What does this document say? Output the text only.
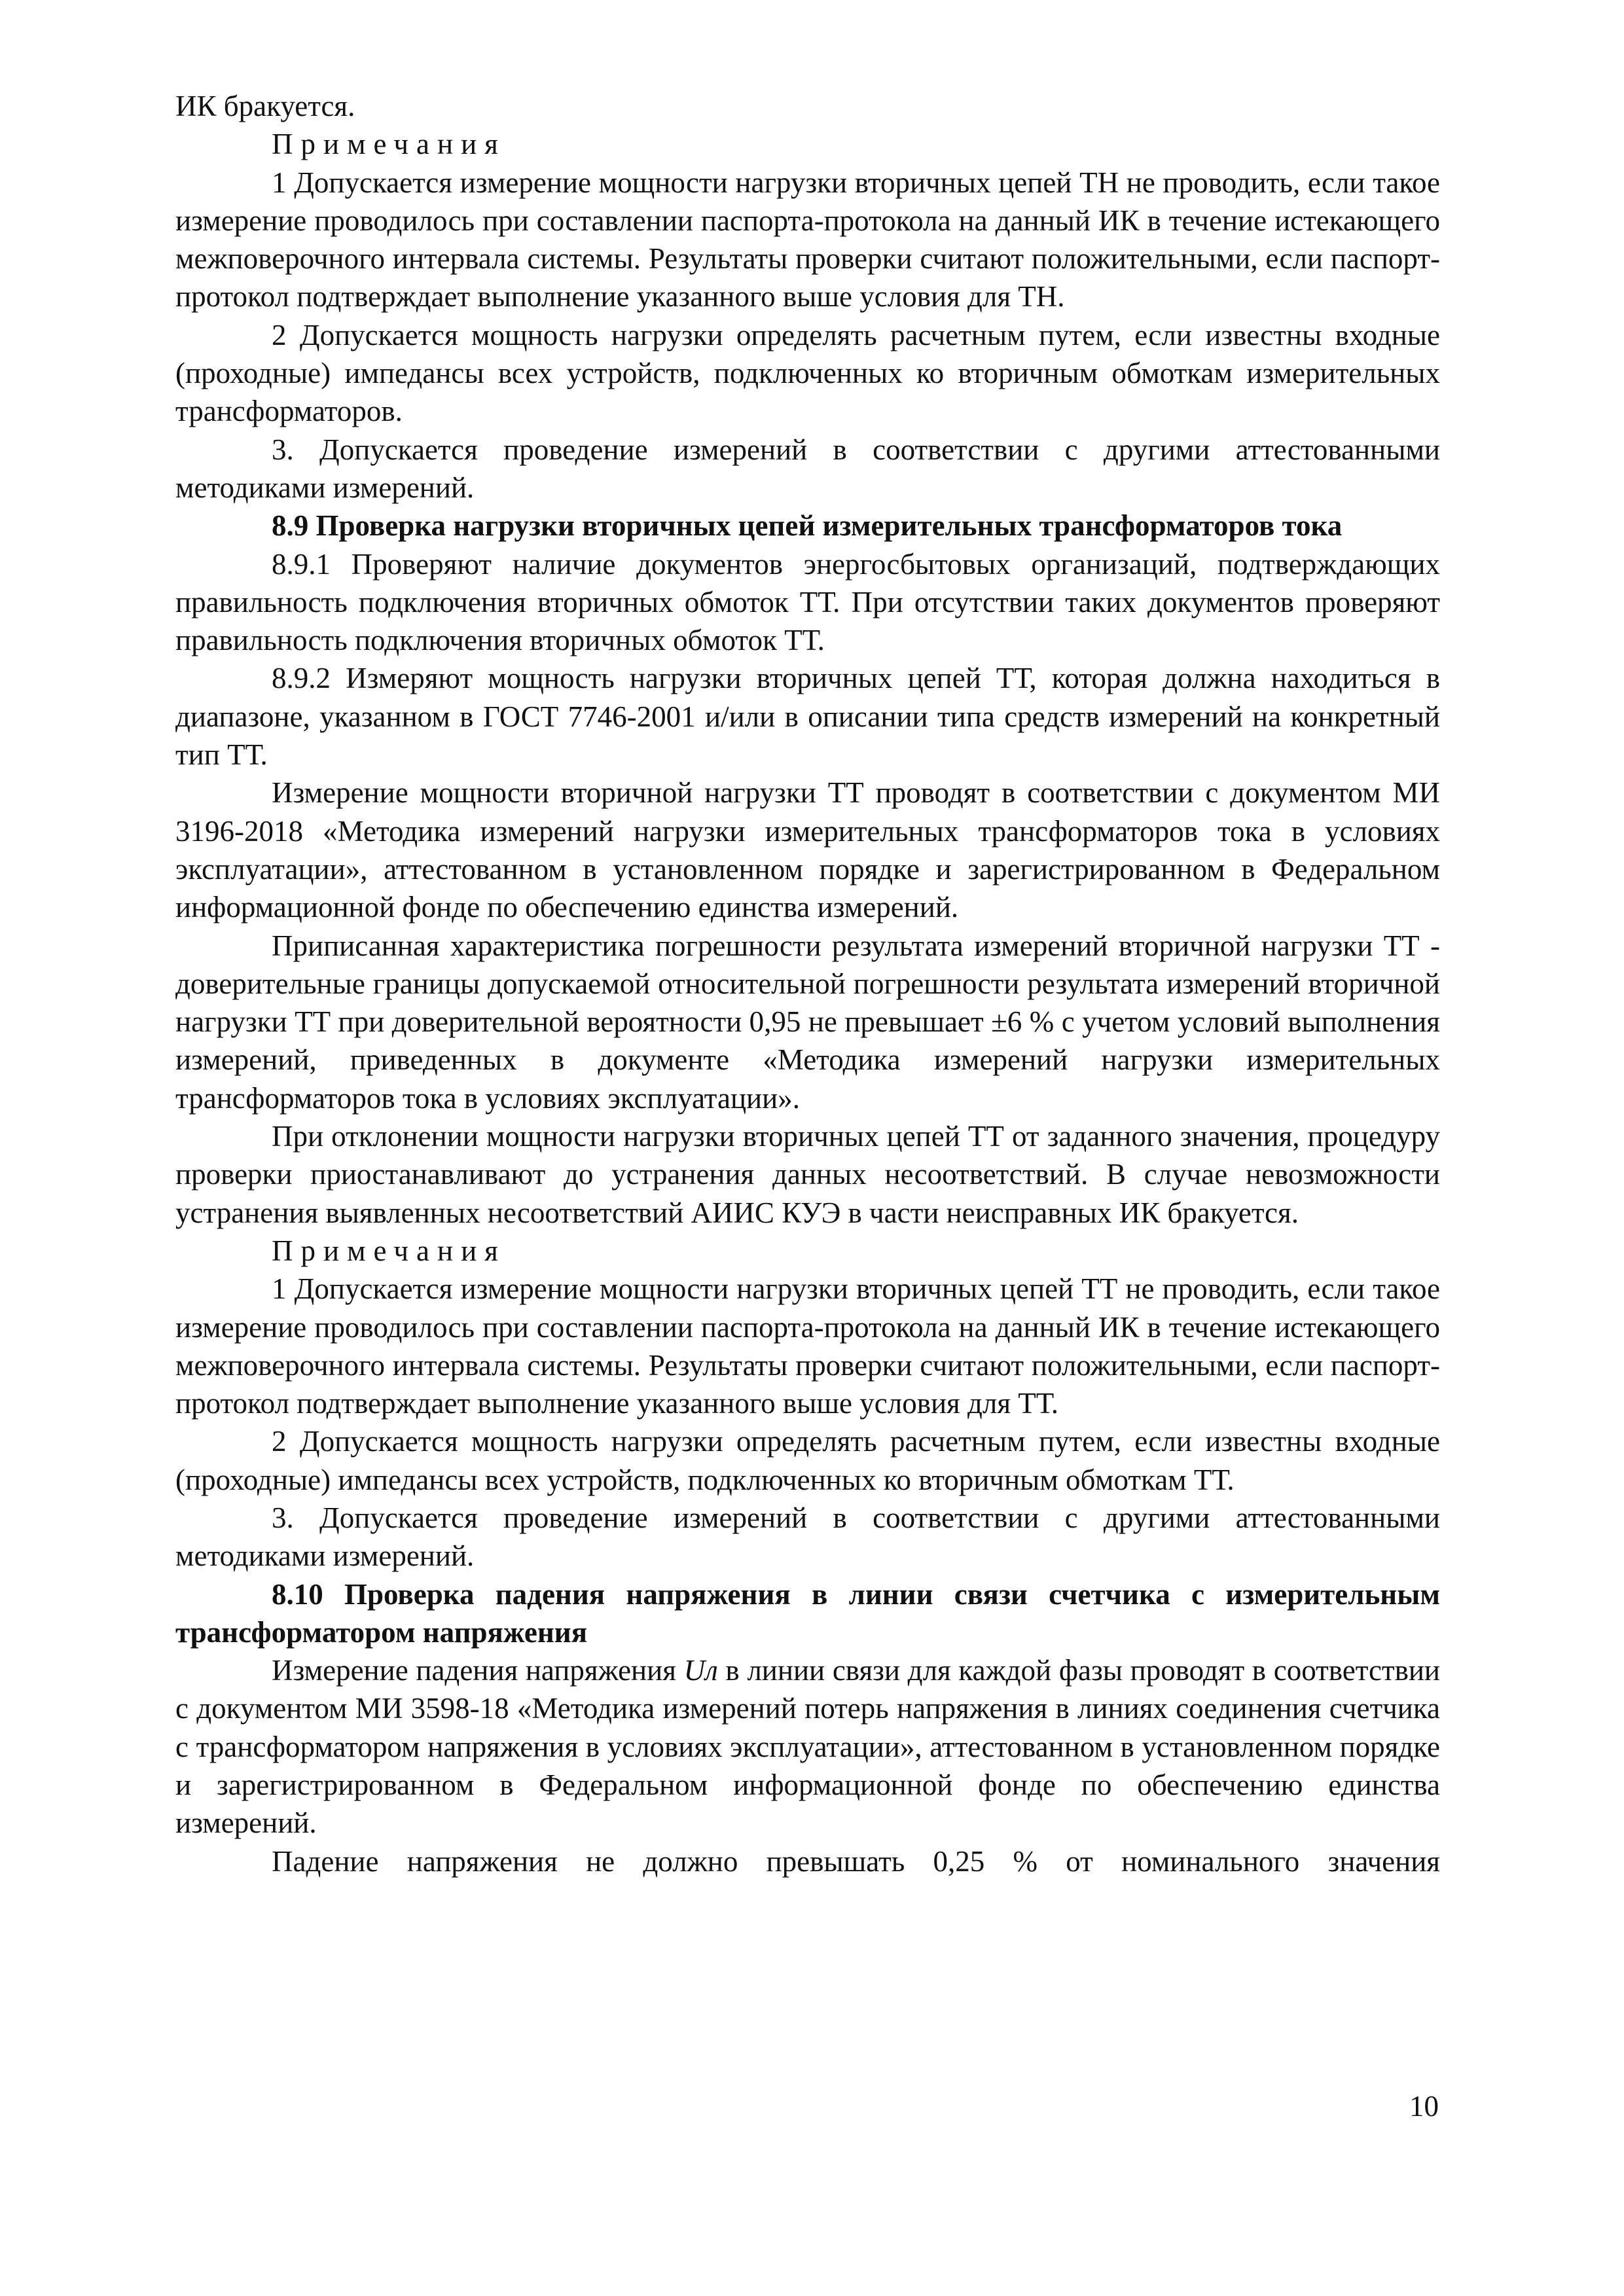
ИК бракуется.

Примечания

1 Допускается измерение мощности нагрузки вторичных цепей ТН не проводить, если такое измерение проводилось при составлении паспорта-протокола на данный ИК в течение истекающего межповерочного интервала системы. Результаты проверки считают положительными, если паспорт-протокол подтверждает выполнение указанного выше условия для ТН.

2 Допускается мощность нагрузки определять расчетным путем, если известны входные (проходные) импедансы всех устройств, подключенных ко вторичным обмоткам измерительных трансформаторов.

3. Допускается проведение измерений в соответствии с другими аттестованными методиками измерений.

8.9 Проверка нагрузки вторичных цепей измерительных трансформаторов тока

8.9.1 Проверяют наличие документов энергосбытовых организаций, подтверждающих правильность подключения вторичных обмоток ТТ. При отсутствии таких документов проверяют правильность подключения вторичных обмоток ТТ.

8.9.2 Измеряют мощность нагрузки вторичных цепей ТТ, которая должна находиться в диапазоне, указанном в ГОСТ 7746-2001 и/или в описании типа средств измерений на конкретный тип ТТ.

Измерение мощности вторичной нагрузки ТТ проводят в соответствии с документом МИ 3196-2018 «Методика измерений нагрузки измерительных трансформаторов тока в условиях эксплуатации», аттестованном в установленном порядке и зарегистрированном в Федеральном информационной фонде по обеспечению единства измерений.

Приписанная характеристика погрешности результата измерений вторичной нагрузки ТТ - доверительные границы допускаемой относительной погрешности результата измерений вторичной нагрузки ТТ при доверительной вероятности 0,95 не превышает ±6 % с учетом условий выполнения измерений, приведенных в документе «Методика измерений нагрузки измерительных трансформаторов тока в условиях эксплуатации».

При отклонении мощности нагрузки вторичных цепей ТТ от заданного значения, процедуру проверки приостанавливают до устранения данных несоответствий. В случае невозможности устранения выявленных несоответствий АИИС КУЭ в части неисправных ИК бракуется.

Примечания

1 Допускается измерение мощности нагрузки вторичных цепей ТТ не проводить, если такое измерение проводилось при составлении паспорта-протокола на данный ИК в течение истекающего межповерочного интервала системы. Результаты проверки считают положительными, если паспорт-протокол подтверждает выполнение указанного выше условия для ТТ.

2 Допускается мощность нагрузки определять расчетным путем, если известны входные (проходные) импедансы всех устройств, подключенных ко вторичным обмоткам ТТ.

3. Допускается проведение измерений в соответствии с другими аттестованными методиками измерений.

8.10 Проверка падения напряжения в линии связи счетчика с измерительным трансформатором напряжения

Измерение падения напряжения Uл в линии связи для каждой фазы проводят в соответствии с документом МИ 3598-18 «Методика измерений потерь напряжения в линиях соединения счетчика с трансформатором напряжения в условиях эксплуатации», аттестованном в установленном порядке и зарегистрированном в Федеральном информационной фонде по обеспечению единства измерений.

Падение напряжения не должно превышать 0,25 % от номинального значения

10
